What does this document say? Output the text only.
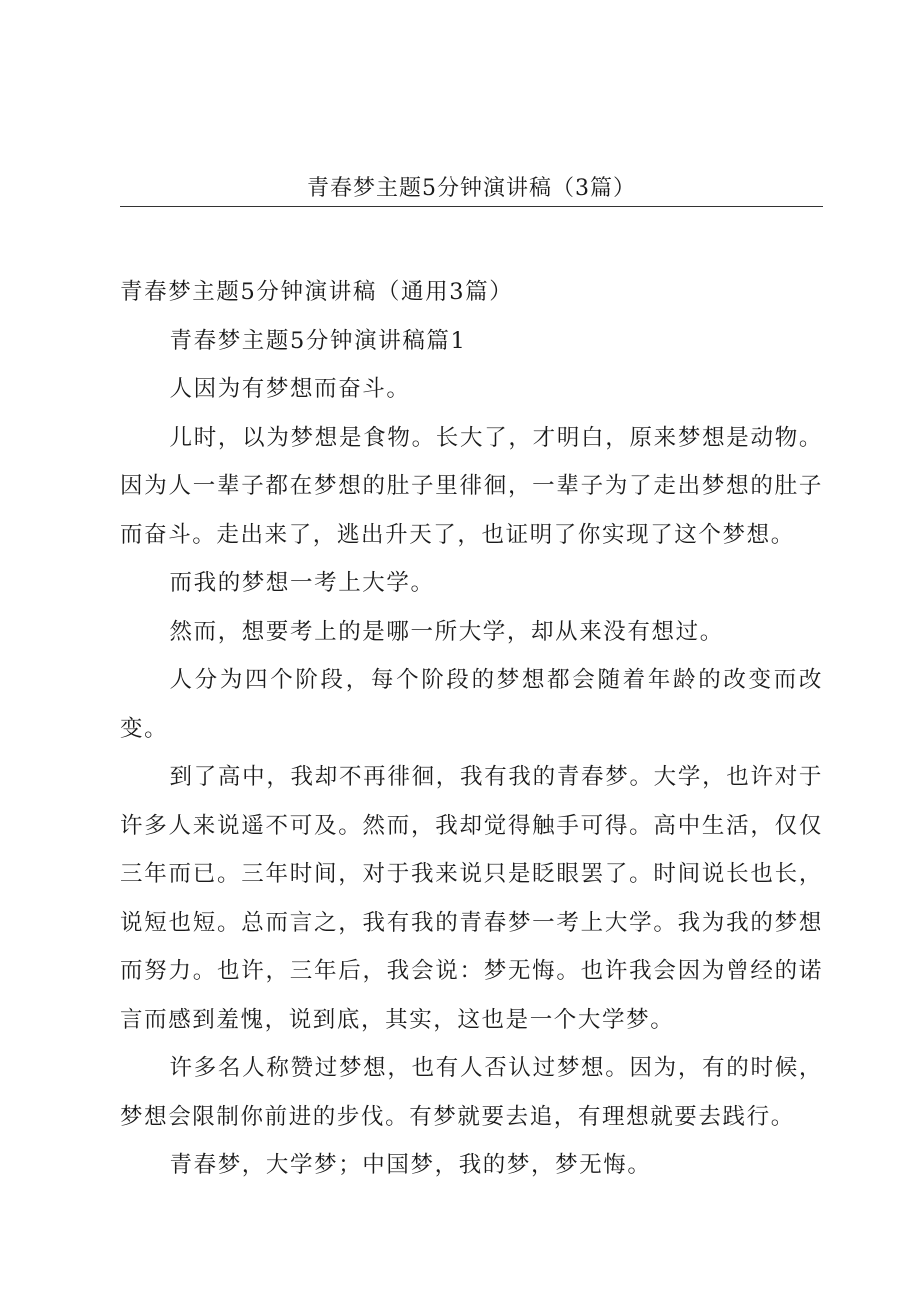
青春梦主题5分钟演讲稿（3篇）

青春梦主题5分钟演讲稿（通用3篇）

青春梦主题5分钟演讲稿篇1

人因为有梦想而奋斗。

儿时，以为梦想是食物。长大了，才明白，原来梦想是动物。因为人一辈子都在梦想的肚子里徘徊，一辈子为了走出梦想的肚子而奋斗。走出来了，逃出升天了，也证明了你实现了这个梦想。

而我的梦想一考上大学。

然而，想要考上的是哪一所大学，却从来没有想过。

人分为四个阶段，每个阶段的梦想都会随着年龄的改变而改变。

到了高中，我却不再徘徊，我有我的青春梦。大学，也许对于许多人来说遥不可及。然而，我却觉得触手可得。高中生活，仅仅三年而已。三年时间，对于我来说只是眨眼罢了。时间说长也长，说短也短。总而言之，我有我的青春梦一考上大学。我为我的梦想而努力。也许，三年后，我会说：梦无悔。也许我会因为曾经的诺言而感到羞愧，说到底，其实，这也是一个大学梦。

许多名人称赞过梦想，也有人否认过梦想。因为，有的时候，梦想会限制你前进的步伐。有梦就要去追，有理想就要去践行。

青春梦，大学梦；中国梦，我的梦，梦无悔。
